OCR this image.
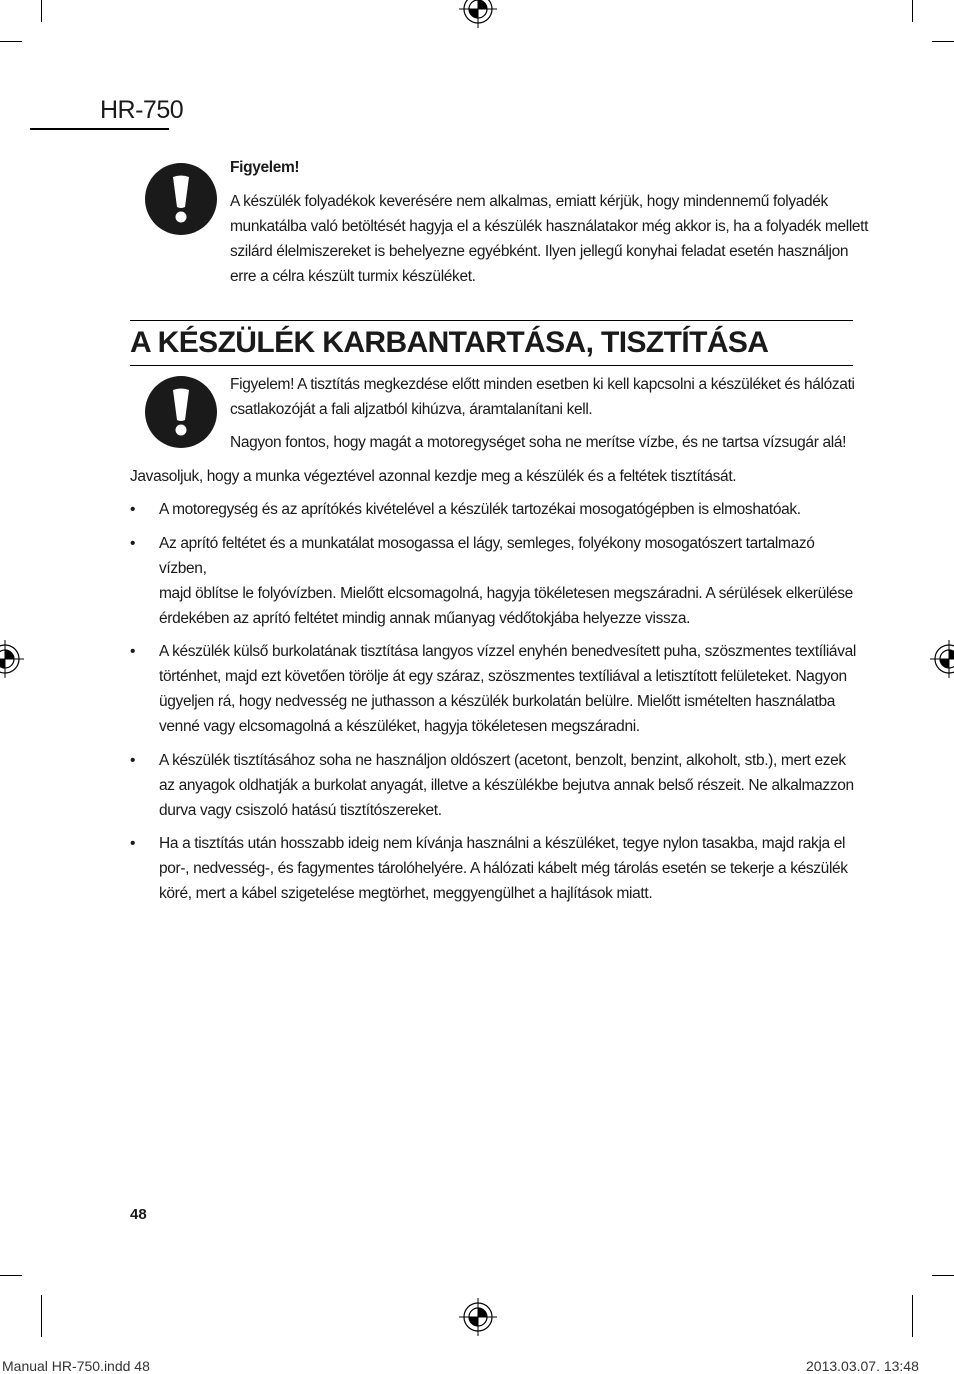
HR-750
Figyelem!
A készülék folyadékok keverésére nem alkalmas, emiatt kérjük, hogy mindennemű folyadék
munkatálba való betöltését hagyja el a készülék használatakor még akkor is, ha a folyadék mellett
szilárd élelmiszereket is behelyezne egyébként. Ilyen jellegű konyhai feladat esetén használjon
erre a célra készült turmix készüléket.
A KÉSZÜLÉK KARBANTARTÁSA, TISZTÍTÁSA
Figyelem! A tisztítás megkezdése előtt minden esetben ki kell kapcsolni a készüléket és hálózati
csatlakozóját a fali aljzatból kihúzva, áramtalanítani kell.
Nagyon fontos, hogy magát a motoregységet soha ne merítse vízbe, és ne tartsa vízsugár alá!
Javasoljuk, hogy a munka végeztével azonnal kezdje meg a készülék és a feltétek tisztítását.
• A motoregység és az aprítókés kivételével a készülék tartozékai mosogatógépben is elmoshatóak.
• Az aprító feltétet és a munkatálat mosogassa el lágy, semleges, folyékony mosogatószert tartalmazó vízben,
majd öblítse le folyóvízben. Mielőtt elcsomagolná, hagyja tökéletesen megszáradni. A sérülések elkerülése
érdekében az aprító feltétet mindig annak műanyag védőtokjába helyezze vissza.
• A készülék külső burkolatának tisztítása langyos vízzel enyhén benedvesített puha, szöszmentes textíliával
történhet, majd ezt követően törölje át egy száraz, szöszmentes textíliával a letisztított felületeket. Nagyon
ügyeljen rá, hogy nedvesség ne juthasson a készülék burkolatán belülre. Mielőtt ismételten használatba
venné vagy elcsomagolná a készüléket, hagyja tökéletesen megszáradni.
• A készülék tisztításához soha ne használjon oldószert (acetont, benzolt, benzint, alkoholt, stb.), mert ezek
az anyagok oldhatják a burkolat anyagát, illetve a készülékbe bejutva annak belső részeit. Ne alkalmazzon
durva vagy csiszoló hatású tisztítószereket.
• Ha a tisztítás után hosszabb ideig nem kívánja használni a készüléket, tegye nylon tasakba, majd rakja el
por-, nedvesség-, és fagymentes tárolóhelyére. A hálózati kábelt még tárolás esetén se tekerje a készülék
köré, mert a kábel szigetelése megtörhet, meggyengülhet a hajlítások miatt.
48
Manual HR-750.indd 48	2013.03.07. 13:48
